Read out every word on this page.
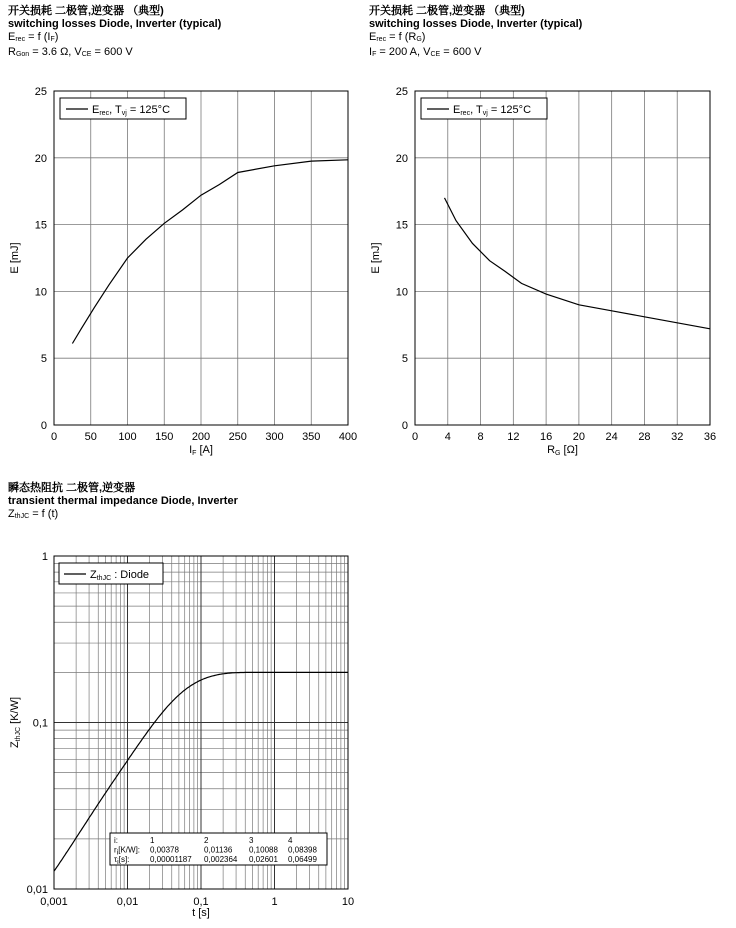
开关损耗 二极管,逆变器 （典型)
switching losses Diode, Inverter (typical)
$E_{rec} = f$ $(I_F)$
$R_{Gon} = 3.6$ Ω, $V_{CE} = 600$ V
开关损耗 二极管,逆变器 （典型)
switching losses Diode, Inverter (typical)
$E_{rec} = f$ $(R_G)$
$I_F = 200$ A, $V_{CE} = 600$ V
瞬态热阻抗 二极管,逆变器
transient thermal impedance Diode, Inverter
$Z_{thJC} = f$ (t)
0	50 100 150 200 250 300 350 400
0
5
10
15
20
25
IF [A]
E [mJ]
Erec, Tvj = 125°C
0 4 8 12 16 20 24 28 32 36
0
5
10
15
20
25
RG [Ω]
E [mJ]
Erec, Tvj = 125°C
0,001	0,01	0,1	1	10
0,01
0,1
1
t [s]
ZthJC [K/W]
ZthJC : Diode
i:	1	2	3	4
ri[K/W]: 0,00378	0,01136 0,10088 0,08398
τi[s]:	0,00001187 0,002364 0,02601 0,06499
